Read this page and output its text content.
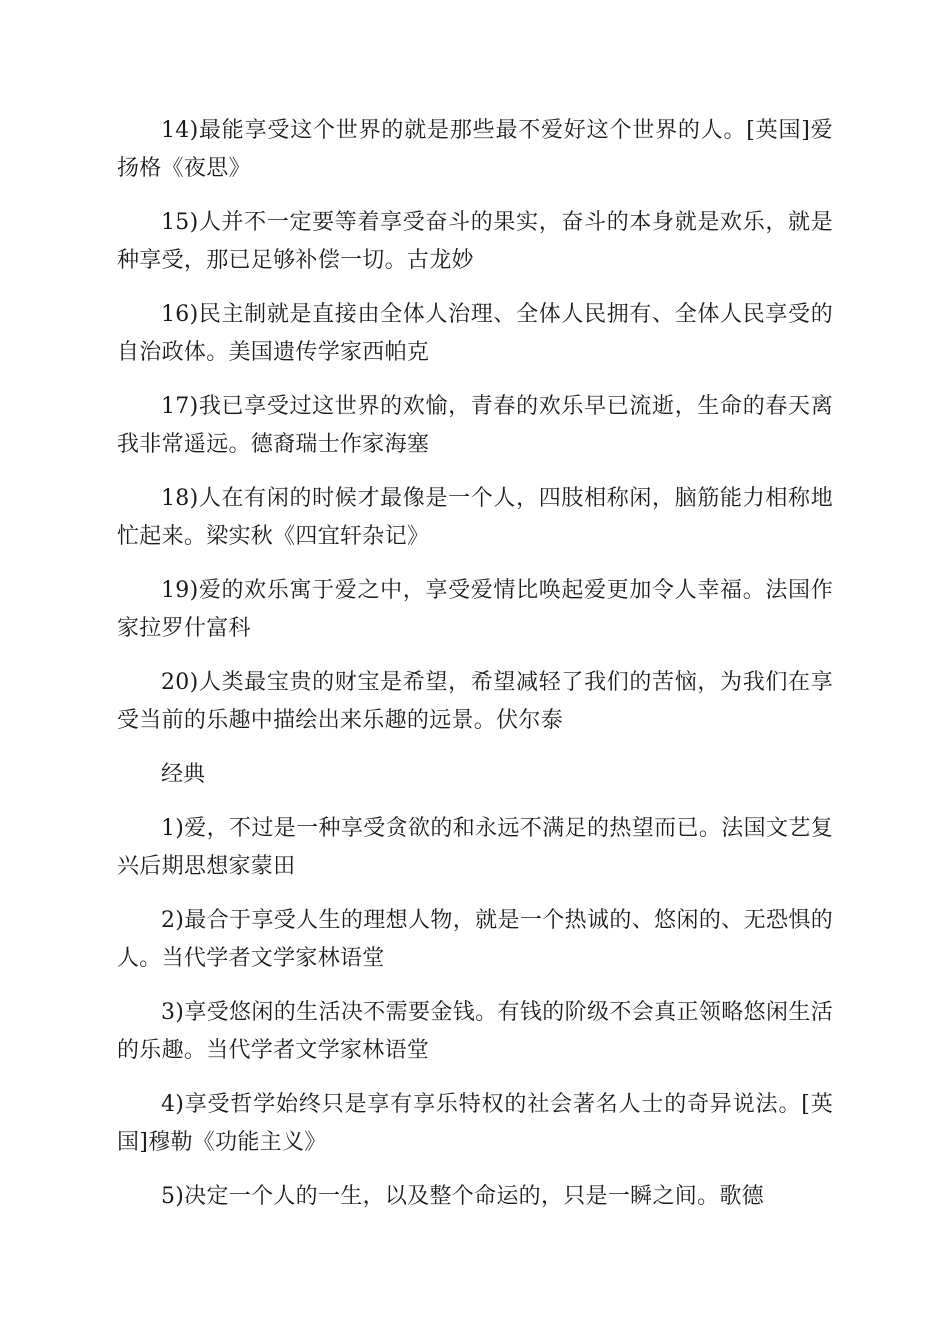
14)最能享受这个世界的就是那些最不爱好这个世界的人。[英国]爱扬格《夜思》

15)人并不一定要等着享受奋斗的果实，奋斗的本身就是欢乐，就是种享受，那已足够补偿一切。古龙妙

16)民主制就是直接由全体人治理、全体人民拥有、全体人民享受的自治政体。美国遗传学家西帕克

17)我已享受过这世界的欢愉，青春的欢乐早已流逝，生命的春天离我非常遥远。德裔瑞士作家海塞

18)人在有闲的时候才最像是一个人，四肢相称闲，脑筋能力相称地忙起来。梁实秋《四宜轩杂记》

19)爱的欢乐寓于爱之中，享受爱情比唤起爱更加令人幸福。法国作家拉罗什富科

20)人类最宝贵的财宝是希望，希望减轻了我们的苦恼，为我们在享受当前的乐趣中描绘出来乐趣的远景。伏尔泰

经典

1)爱，不过是一种享受贪欲的和永远不满足的热望而已。法国文艺复兴后期思想家蒙田

2)最合于享受人生的理想人物，就是一个热诚的、悠闲的、无恐惧的人。当代学者文学家林语堂

3)享受悠闲的生活决不需要金钱。有钱的阶级不会真正领略悠闲生活的乐趣。当代学者文学家林语堂

4)享受哲学始终只是享有享乐特权的社会著名人士的奇异说法。[英国]穆勒《功能主义》

5)决定一个人的一生，以及整个命运的，只是一瞬之间。歌德
